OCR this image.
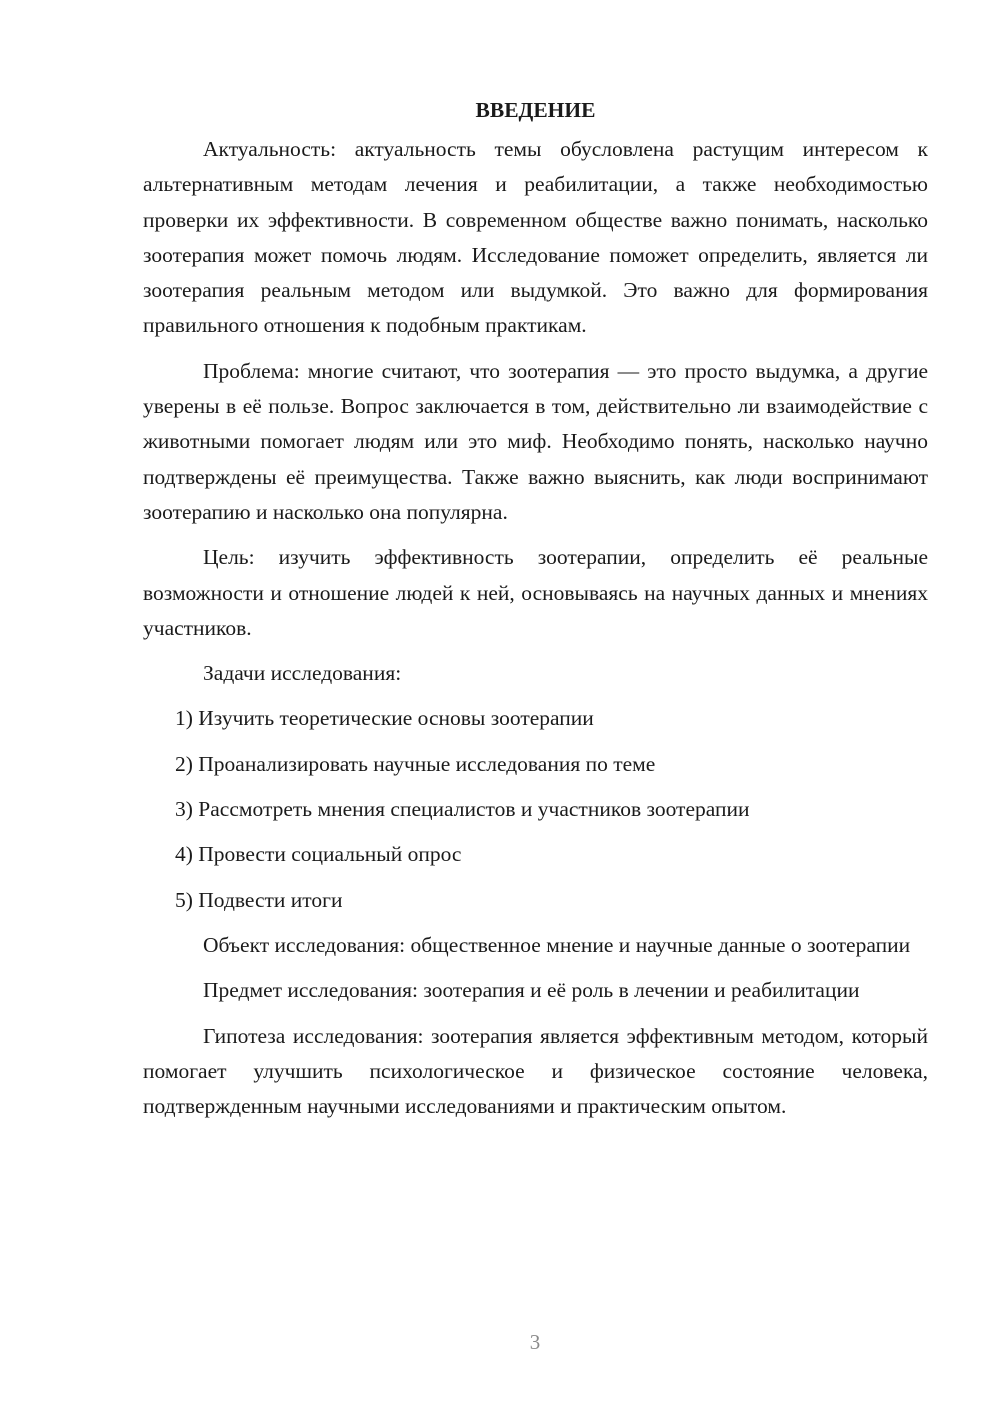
ВВЕДЕНИЕ

Актуальность: актуальность темы обусловлена растущим интересом к альтернативным методам лечения и реабилитации, а также необходимостью проверки их эффективности. В современном обществе важно понимать, насколько зоотерапия может помочь людям. Исследование поможет определить, является ли зоотерапия реальным методом или выдумкой. Это важно для формирования правильного отношения к подобным практикам.

Проблема: многие считают, что зоотерапия — это просто выдумка, а другие уверены в её пользе. Вопрос заключается в том, действительно ли взаимодействие с животными помогает людям или это миф. Необходимо понять, насколько научно подтверждены её преимущества. Также важно выяснить, как люди воспринимают зоотерапию и насколько она популярна.

Цель: изучить эффективность зоотерапии, определить её реальные возможности и отношение людей к ней, основываясь на научных данных и мнениях участников.

Задачи исследования:

1) Изучить теоретические основы зоотерапии
2) Проанализировать научные исследования по теме
3) Рассмотреть мнения специалистов и участников зоотерапии
4) Провести социальный опрос
5) Подвести итоги

Объект исследования: общественное мнение и научные данные о зоотерапии

Предмет исследования: зоотерапия и её роль в лечении и реабилитации

Гипотеза исследования: зоотерапия является эффективным методом, который помогает улучшить психологическое и физическое состояние человека, подтвержденным научными исследованиями и практическим опытом.

3
